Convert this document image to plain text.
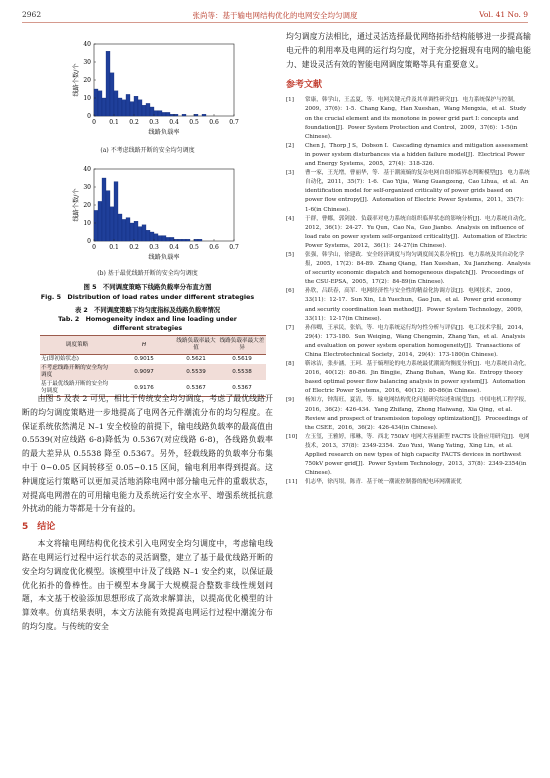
2962	张尚等：基于输电网结构优化的电网安全均匀调度	Vol. 41 No. 9
0
10
20
30
40
0 0.1 0.2 0.3 0.4 0.5 0.6 0.7
线路负载率
线路个数/个
(a) 不考虑线路开断的安全均匀调度
0
10
20
30
40
0 0.1 0.2 0.3 0.4 0.5 0.6 0.7
线路负载率
线路个数/个
(b) 基于最优线路开断的安全均匀调度
图 5　不同调度策略下线路负载率分布直方图
Fig. 5　Distribution of load rates under different strategies
表 2　不同调度策略下均匀度指标及线路负载率情况
Tab. 2　Homogeneity index and line loading under
different strategies
调度策略	H	线路负载率最大值	线路负载率最大差异
无(即初始状态)	0.9015	0.5621	0.5619
不考虑线路开断的安全均匀调度	0.9097	0.5539	0.5538
基于最优线路开断的安全均匀调度	0.9176	0.5367	0.5367
由图 5 及表 2 可见，相比于传统安全均匀调度，考虑了最优线路开断的均匀调度策略进一步地提高了电网各元件潮流分布的均匀程度。在保证系统依然满足 N–1 安全校验的前提下，输电线路负载率的最高值由 0.5539(对应线路 6-8)降低为 0.5367(对应线路 6-8)，各线路负载率的最大差异从 0.5538 降至 0.5367。另外，轻载线路的负载率分布集中于 0~0.05 区间转移至 0.05~0.15 区间，输电利用率得到提高。这种调度运行策略可以更加灵活地消除电网中部分输电元件的重载状态，对提高电网潜在的可用输电能力及系统运行安全水平、增强系统抵抗意外扰动的能力等都是十分有益的。
5　结论
本文将输电网结构优化技术引入电网安全均匀调度中，考虑输电线路在电网运行过程中运行状态的灵活调整，建立了基于最优线路开断的安全均匀调度优化模型。该模型中计及了线路 N–1 安全约束，以保证最优化拓扑的鲁棒性。由于模型本身属于大规模混合整数非线性规划问题，本文基于校验添加思想形成了高效求解算法，以提高优化模型的计算效率。仿真结果表明，本文方法能有效提高电网运行过程中潮流分布的均匀度。与传统的安全
均匀调度方法相比，通过灵活选择最优网络拓扑结构能够进一步提高输电元件的利用率及电网的运行均匀度，对于充分挖掘现有电网的输电能力、建设灵活有效的智能电网调度策略等具有重要意义。
参考文献
[1]	常康，韩学山，王孟夏，等．电网关键元件及其单调性研究[J]．电力系统保护与控制，2009，37(6)：1-5．Chang Kang，Han Xueshan，Wang Mengxia，et al．Study on the crucial element and its monotone in power grid part I: concepts and foundation[J]．Power System Protection and Control，2009，37(6)：1-5(in Chinese)．
[2]	Chen J，Thorp J S，Dobson I．Cascading dynamics and mitigation assessment in power system disturbances via a hidden failure model[J]．Electrical Power and Energy Systems，2005，27(4)：318-326．
[3]	曹一家，王光增，曹丽华，等．基于潮流熵的复杂电网自组织临界态判断模型[J]．电力系统自动化，2011，35(7)：1-6．Cao Yijia，Wang Guangzeng，Cao Lihua，et al．An identification model for self-organized criticality of power grids based on power flow entropy[J]．Automation of Electric Power Systems，2011，35(7)：1-6(in Chinese)．
[4]	于群，曹娜，郭剑波．负载率对电力系统自组织临界状态的影响分析[J]．电力系统自动化，2012，36(1)：24-27．Yu Qun，Cao Na，Guo Jianbo．Analysis on influence of load rate on power system self-organized criticality[J]．Automation of Electric Power Systems，2012，36(1)：24-27(in Chinese)．
[5]	张强，韩学山，徐建政．安全经济调度与均匀调度间关系分析[J]．电力系统及其自动化学报，2005，17(2)：84-89．Zhang Qiang，Han Xueshan，Xu Jianzheng．Analysis of security economic dispatch and homogeneous dispatch[J]．Proceedings of the CSU-EPSA，2005，17(2)：84-89(in Chinese)．
[6]	孙欣，吕跃春，高军．电网经济性与安全性的精益化协调方法[J]．电网技术，2009，33(11)：12-17．Sun Xin，Lü Yuechun，Gao Jun，et al．Power grid economy and security coordination lean method[J]．Power System Technology，2009，33(11)：12-17(in Chinese)．
[7]	孙伟卿，王承民，张焰，等．电力系统运行均匀性分析与评估[J]．电工技术学报，2014，29(4)：173-180．Sun Weiqing，Wang Chengmin，Zhang Yan，et al．Analysis and evaluation on power system operation homogeneity[J]．Transactions of China Electrotechnical Society，2014，29(4)：173-180(in Chinese)．
[8]	靳冰洁，张步涵，王珂．基于熵理论的电力系统最优潮流均衡度分析[J]．电力系统自动化，2016，40(12)：80-86．Jin Bingjie，Zhang Buhan，Wang Ke．Entropy theory based optimal power flow balancing analysis in power system[J]．Automation of Electric Power Systems，2016，40(12)：80-86(in Chinese)．
[9]	杨知方，钟海旺，夏清，等．输电网结构优化问题研究综述和展望[J]．中国电机工程学报，2016，36(2)：426-434．Yang Zhifang，Zhong Haiwang，Xia Qing，et al．Review and prospect of transmission topology optimization[J]．Proceedings of the CSEE，2016，36(2)：426-434(in Chinese)．
[10]	左玉玺，王雅婷，邢琳，等．西北 750kV 电网大容量新型 FACTS 设备应用研究[J]．电网技术，2013，37(8)：2349-2354．Zuo Yuxi，Wang Yating，Xing Lin，et al．Applied research on new types of high capacity FACTS devices in northwest 750kV power grid[J]．Power System Technology，2013，37(8)：2349-2354(in Chinese)．
[11]	仉志华，徐丙垠，陈青．基于统一潮流控制器的配电环网潮流优
